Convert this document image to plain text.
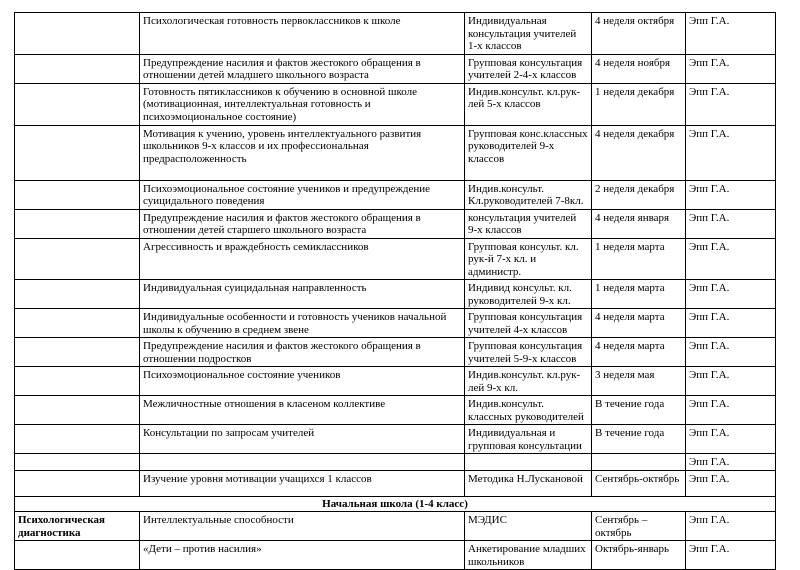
	Психологическая готовность первоклассников к школе	Индивидуальная консультация учителей 1-х классов	4 неделя октября	Эпп Г.А.
	Предупреждение насилия и фактов жестокого обращения в отношении детей младшего школьного возраста	Групповая консультация учителей 2-4-х классов	4 неделя ноября	Эпп Г.А.
	Готовность пятиклассников к обучению в основной школе (мотивационная, интеллектуальная готовность и психоэмоциональное состояние)	Индив.консульт. кл.рук-лей 5-х классов	1 неделя декабря	Эпп Г.А.
	Мотивация к учению, уровень интеллектуального развития школьников 9-х классов и их профессиональная предрасположенность	Групповая конс.классных руководителей 9-х классов	4 неделя декабря	Эпп Г.А.
	Психоэмоциональное состояние учеников и предупреждение суицидального поведения	Индив.консульт. Кл.руководителей 7-8кл.	2 неделя декабря	Эпп Г.А.
	Предупреждение насилия и фактов жестокого обращения в отношении детей старшего школьного возраста	консультация учителей 9-х классов	4 неделя января	Эпп Г.А.
	Агрессивность и враждебность семиклассников	Групповая консульт. кл. рук-й 7-х кл. и администр.	1 неделя марта	Эпп Г.А.
	Индивидуальная суицидальная направленность	Индивид консульт. кл. руководителей 9-х кл.	1 неделя марта	Эпп Г.А.
	Индивидуальные особенности и готовность учеников начальной школы к обучению в среднем звене	Групповая консультация учителей 4-х классов	4 неделя марта	Эпп Г.А.
	Предупреждение насилия и фактов жестокого обращения в отношении подростков	Групповая консультация учителей 5-9-х классов	4 неделя марта	Эпп Г.А.
	Психоэмоциональное состояние учеников	Индив.консульт. кл.рук-лей 9-х кл.	3 неделя мая	Эпп Г.А.
	Межличностные отношения в класеном коллективе	Индив.консульт. классных руководителей	В течение года	Эпп Г.А.
	Консультации по запросам учителей	Индивидуальная и групповая консультации	В течение года	Эпп Г.А.
				Эпп Г.А.
	Изучение уровня мотивации учащихся 1 классов	Методика Н.Лускановой	Сентябрь-октябрь	Эпп Г.А.
Начальная школа (1-4 класс)				
Психологическая диагностика	Интеллектуальные способности	МЭДИС	Сентябрь – октябрь	Эпп Г.А.
	«Дети – против насилия»	Анкетирование младших школьников	Октябрь-январь	Эпп Г.А.
